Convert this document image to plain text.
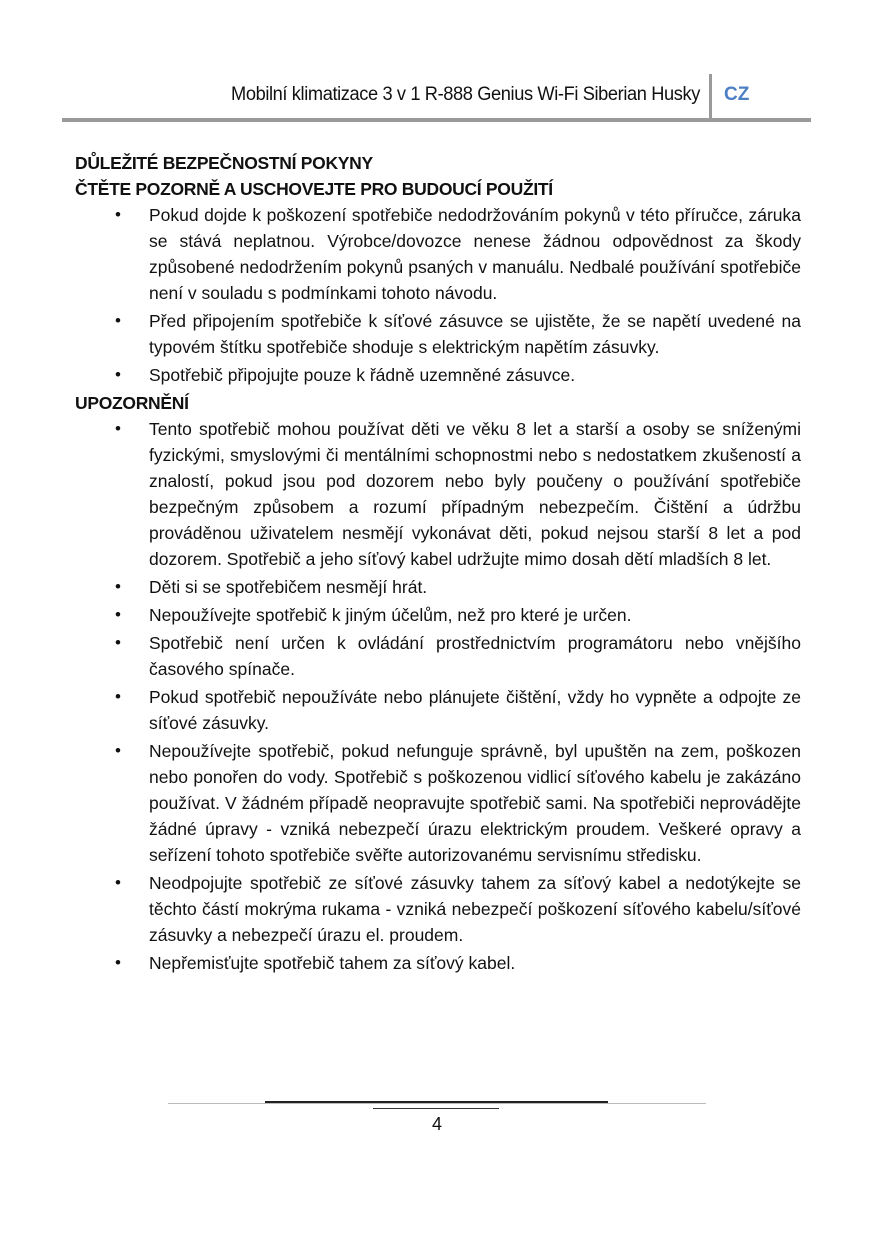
Mobilní klimatizace 3 v 1 R-888 Genius Wi-Fi Siberian Husky CZ

DŮLEŽITÉ BEZPEČNOSTNÍ POKYNY

ČTĚTE POZORNĚ A USCHOVEJTE PRO BUDOUCÍ POUŽITÍ

• Pokud dojde k poškození spotřebiče nedodržováním pokynů v této příručce, záruka se stává neplatnou. Výrobce/dovozce nenese žádnou odpovědnost za škody způsobené nedodržením pokynů psaných v manuálu. Nedbalé používání spotřebiče není v souladu s podmínkami tohoto návodu.
• Před připojením spotřebiče k síťové zásuvce se ujistěte, že se napětí uvedené na typovém štítku spotřebiče shoduje s elektrickým napětím zásuvky.
• Spotřebič připojujte pouze k řádně uzemněné zásuvce.

UPOZORNĚNÍ

• Tento spotřebič mohou používat děti ve věku 8 let a starší a osoby se sníženými fyzickými, smyslovými či mentálními schopnostmi nebo s nedostatkem zkušeností a znalostí, pokud jsou pod dozorem nebo byly poučeny o používání spotřebiče bezpečným způsobem a rozumí případným nebezpečím. Čištění a údržbu prováděnou uživatelem nesmějí vykonávat děti, pokud nejsou starší 8 let a pod dozorem. Spotřebič a jeho síťový kabel udržujte mimo dosah dětí mladších 8 let.
• Děti si se spotřebičem nesmějí hrát.
• Nepoužívejte spotřebič k jiným účelům, než pro které je určen.
• Spotřebič není určen k ovládání prostřednictvím programátoru nebo vnějšího časového spínače.
• Pokud spotřebič nepoužíváte nebo plánujete čištění, vždy ho vypněte a odpojte ze síťové zásuvky.
• Nepoužívejte spotřebič, pokud nefunguje správně, byl upuštěn na zem, poškozen nebo ponořen do vody. Spotřebič s poškozenou vidlicí síťového kabelu je zakázáno používat. V žádném případě neopravujte spotřebič sami. Na spotřebiči neprovádějte žádné úpravy - vzniká nebezpečí úrazu elektrickým proudem. Veškeré opravy a seřízení tohoto spotřebiče svěřte autorizovanému servisnímu středisku.
• Neodpojujte spotřebič ze síťové zásuvky tahem za síťový kabel a nedotýkejte se těchto částí mokrýma rukama - vzniká nebezpečí poškození síťového kabelu/síťové zásuvky a nebezpečí úrazu el. proudem.
• Nepřemisťujte spotřebič tahem za síťový kabel.
4
